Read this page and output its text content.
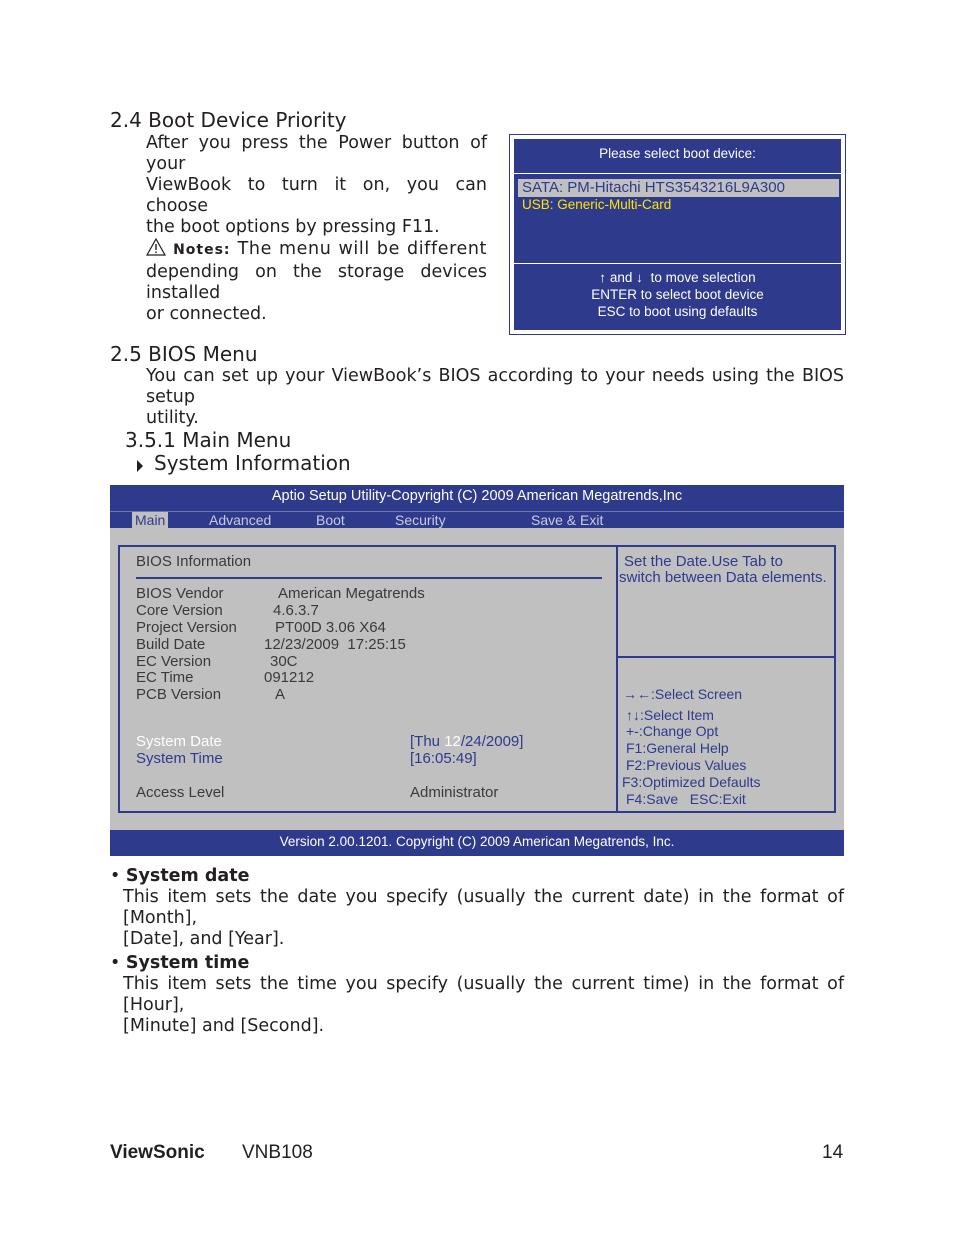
2.4 Boot Device Priority
After you press the Power button of your
ViewBook to turn it on, you can choose
the boot options by pressing F11.
Notes: The menu will be different
depending on the storage devices installed
or connected.
Please select boot device:
SATA: PM-Hitachi HTS3543216L9A300
USB: Generic-Multi-Card
↑ and ↓ to move selection
ENTER to select boot device
ESC to boot using defaults
2.5 BIOS Menu
You can set up your ViewBook’s BIOS according to your needs using the BIOS setup
utility.
3.5.1 Main Menu
System Information
Aptio Setup Utility-Copyright (C) 2009 American Megatrends,Inc
Main	Advanced	Boot	Security	Save & Exit
BIOS Information
BIOS Vendor	American Megatrends
Core Version	4.6.3.7
Project Version	PT00D 3.06 X64
Build Date	12/23/2009  17:25:15
EC Version	30C
EC Time	091212
PCB Version	A
System Date	[Thu 12/24/2009]
System Time	[16:05:49]
Access Level	Administrator
Set the Date.Use Tab to
switch between Data elements.
→←:Select Screen
↑↓:Select Item
+-:Change Opt
F1:General Help
F2:Previous Values
F3:Optimized Defaults
F4:Save   ESC:Exit
Version 2.00.1201. Copyright (C) 2009 American Megatrends, Inc.
• System date
This item sets the date you specify (usually the current date) in the format of [Month],
[Date], and [Year].
• System time
This item sets the time you specify (usually the current time) in the format of [Hour],
[Minute] and [Second].
ViewSonic VNB108	14
